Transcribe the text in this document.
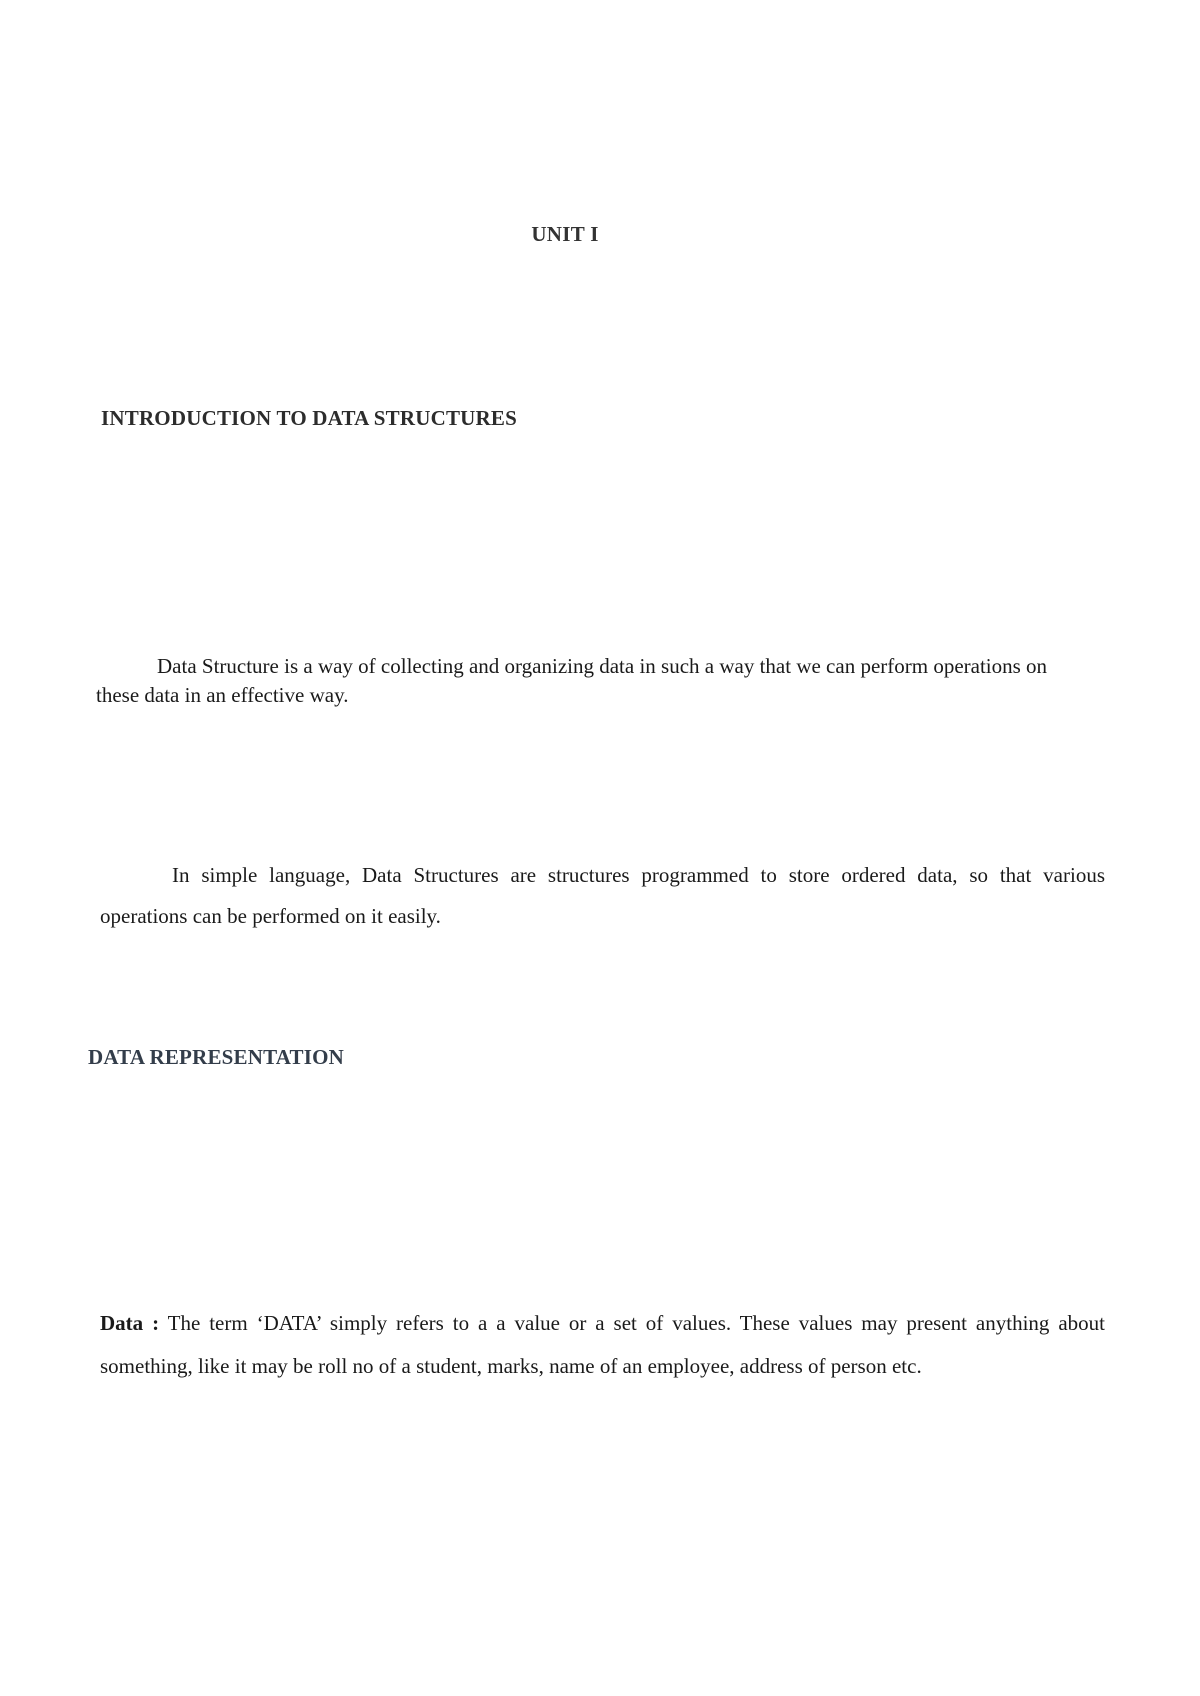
UNIT I
INTRODUCTION TO DATA STRUCTURES
Data Structure is a way of collecting and organizing data in such a way that we can perform operations on these data in an effective way.
In simple language, Data Structures are structures programmed to store ordered data, so that various operations can be performed on it easily.
DATA REPRESENTATION
Data : The term ‘DATA’ simply refers to a a value or a set of values. These values may present anything about something, like it may be roll no of a student, marks, name of an employee, address of person etc.
